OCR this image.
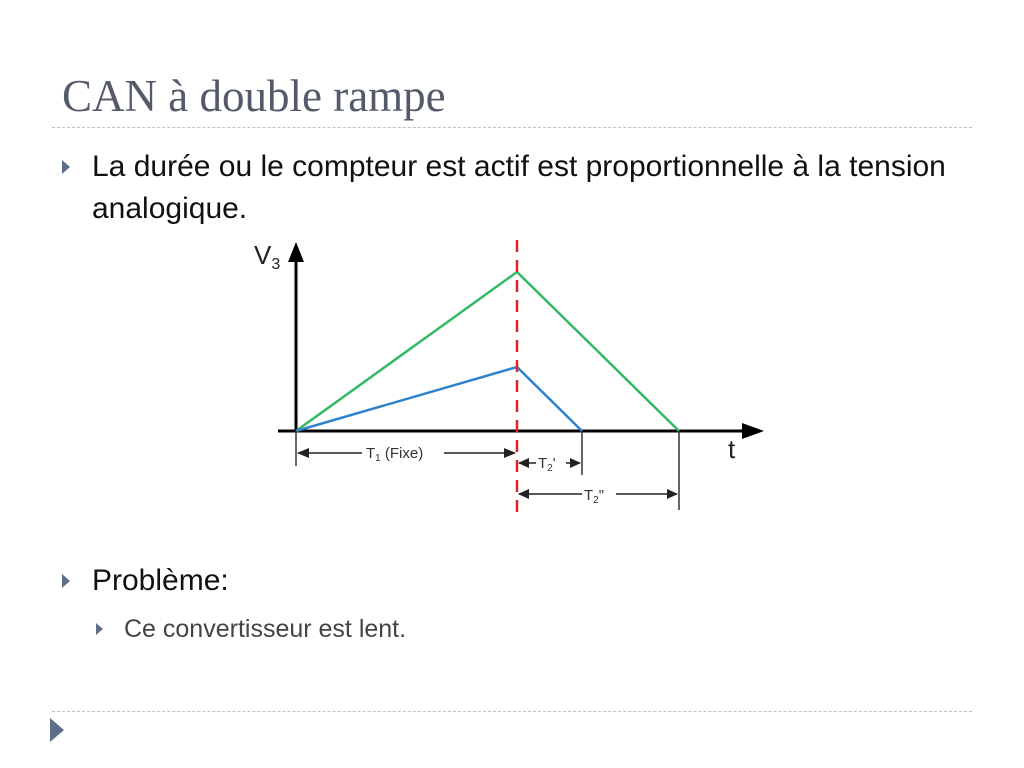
CAN à double rampe
La durée ou le compteur est actif est proportionnelle à la tension analogique.
V3
t
$T_1$ (Fixe)
$T_2'$
$T_2$"
Problème:
Ce convertisseur est lent.
